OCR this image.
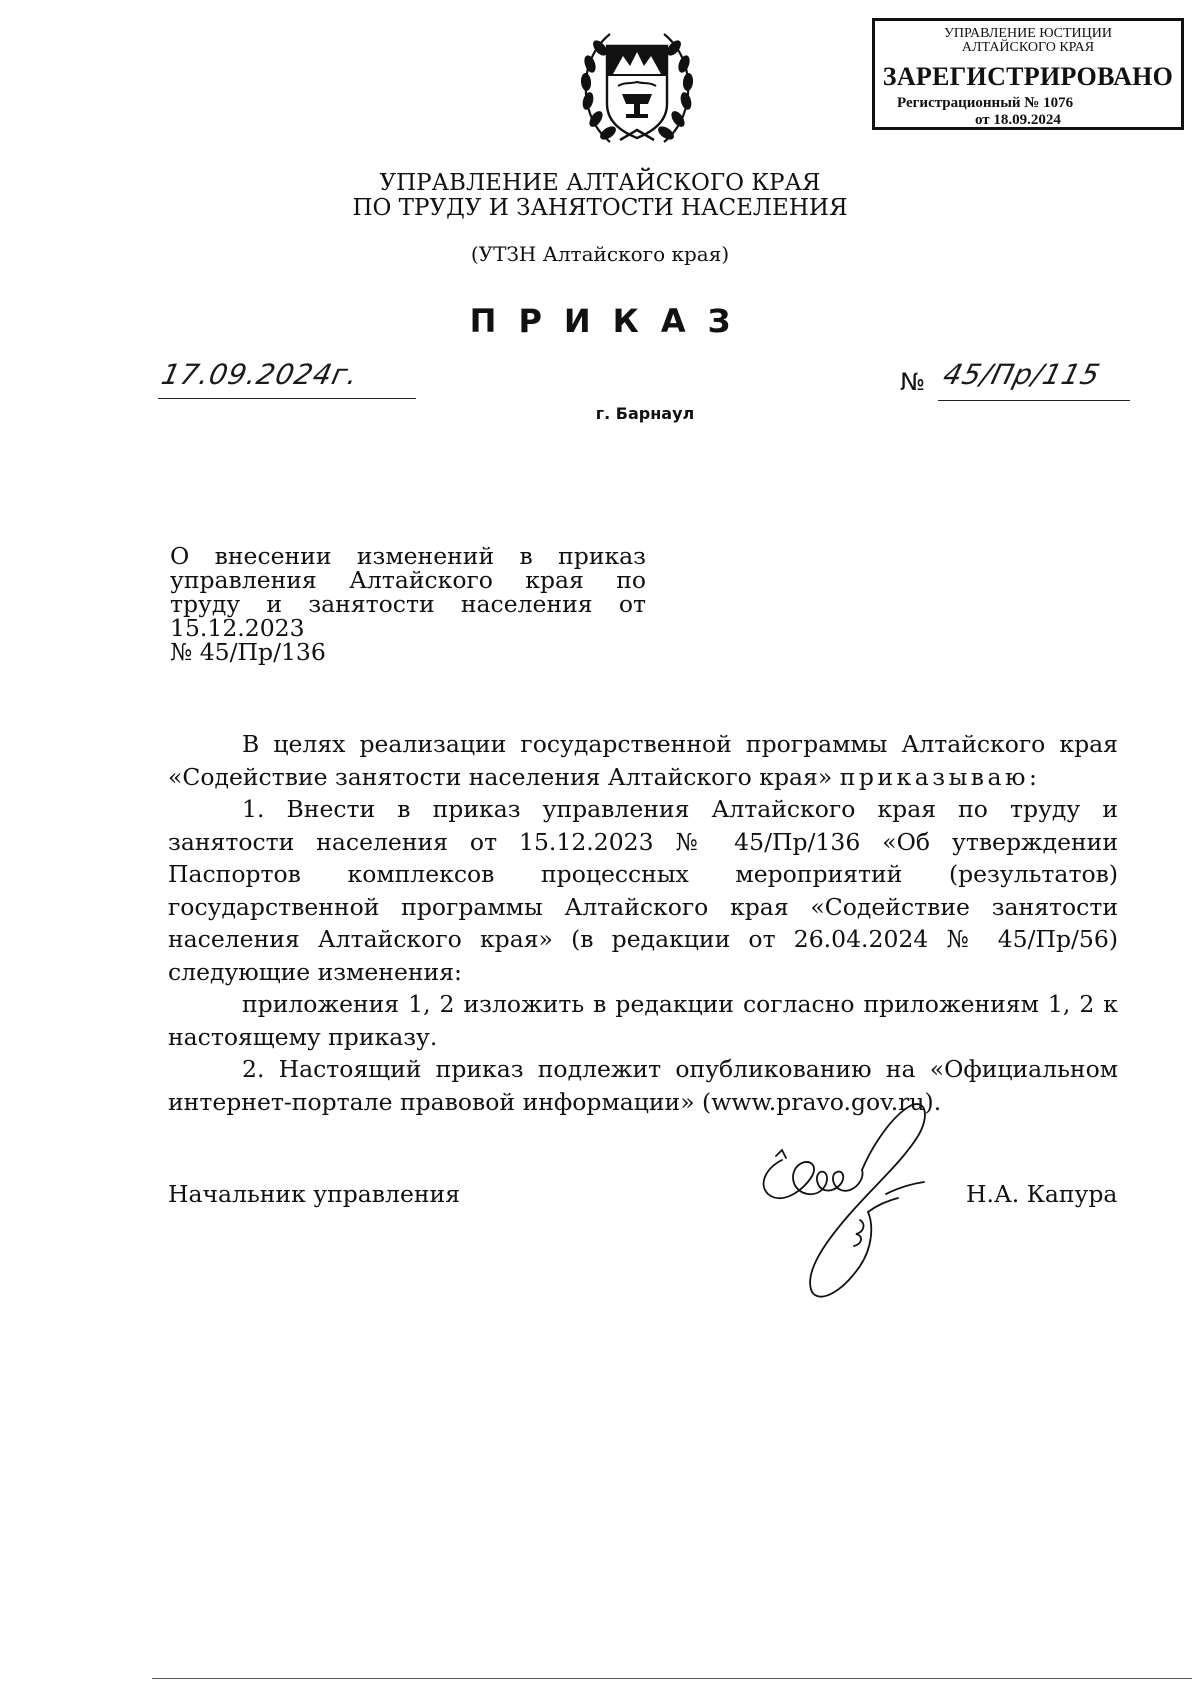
УПРАВЛЕНИЕ ЮСТИЦИИ
АЛТАЙСКОГО КРАЯ
ЗАРЕГИСТРИРОВАНО
Регистрационный № 1076
от 18.09.2024
УПРАВЛЕНИЕ АЛТАЙСКОГО КРАЯ
ПО ТРУДУ И ЗАНЯТОСТИ НАСЕЛЕНИЯ
(УТЗН Алтайского края)
ПРИКАЗ
17.09.2024г.	№ 45/Пр/115
г. Барнаул
О внесении изменений в приказ управления Алтайского края по труду и занятости населения от 15.12.2023
№ 45/Пр/136

В целях реализации государственной программы Алтайского края «Содействие занятости населения Алтайского края» приказываю:

1. Внести в приказ управления Алтайского края по труду и занятости населения от 15.12.2023 № 45/Пр/136 «Об утверждении Паспортов комплексов процессных мероприятий (результатов) государственной программы Алтайского края «Содействие занятости населения Алтайского края» (в редакции от 26.04.2024 № 45/Пр/56) следующие изменения:

приложения 1, 2 изложить в редакции согласно приложениям 1, 2 к настоящему приказу.

2. Настоящий приказ подлежит опубликованию на «Официальном интернет-портале правовой информации» (www.pravo.gov.ru).

Начальник управления	Н.А. Капура
